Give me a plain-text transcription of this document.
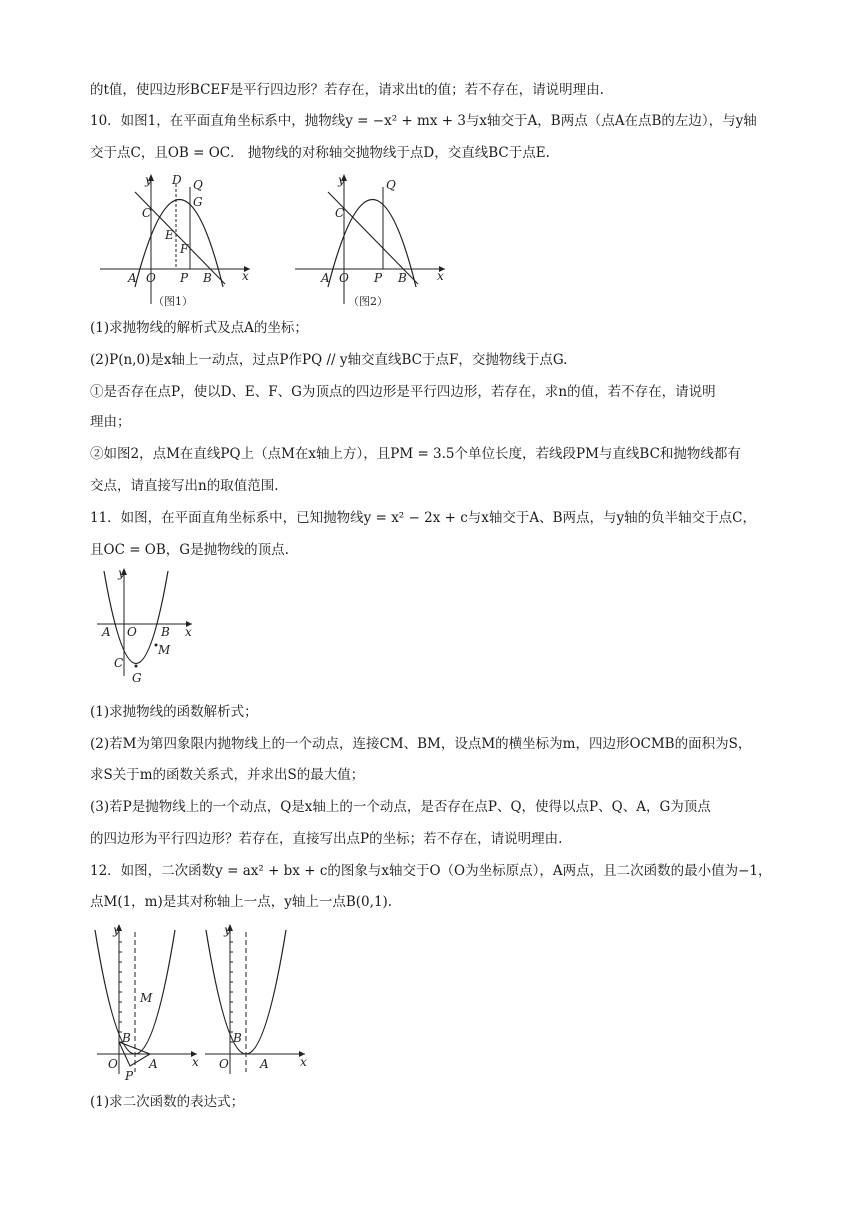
的t值，使四边形BCEF是平行四边形？若存在，请求出t的值；若不存在，请说明理由.
10．如图1，在平面直角坐标系中，抛物线y = −x² + mx + 3与x轴交于A，B两点（点A在点B的左边），与y轴
交于点C，且OB = OC． 抛物线的对称轴交抛物线于点D，交直线BC于点E.
y
x
D Q
G
C
E
F
A O P B
（图1）
y
x
Q
C
A O P B
（图2）
(1)求抛物线的解析式及点A的坐标；
(2)P(n,0)是x轴上一动点，过点P作PQ // y轴交直线BC于点F，交抛物线于点G.
①是否存在点P，使以D、E、F、G为顶点的四边形是平行四边形，若存在，求n的值，若不存在，请说明
理由；
②如图2，点M在直线PQ上（点M在x轴上方），且PM = 3.5个单位长度，若线段PM与直线BC和抛物线都有
交点，请直接写出n的取值范围.
11．如图，在平面直角坐标系中，已知抛物线y = x² − 2x + c与x轴交于A、B两点，与y轴的负半轴交于点C，
且OC = OB，G是抛物线的顶点.
y
x
A O B
C
M
G
(1)求抛物线的函数解析式；
(2)若M为第四象限内抛物线上的一个动点，连接CM、BM，设点M的横坐标为m，四边形OCMB的面积为S，
求S关于m的函数关系式，并求出S的最大值；
(3)若P是抛物线上的一个动点，Q是x轴上的一个动点，是否存在点P、Q，使得以点P、Q、A，G为顶点
的四边形为平行四边形？若存在，直接写出点P的坐标；若不存在，请说明理由.
12．如图，二次函数y = ax² + bx + c的图象与x轴交于O（O为坐标原点），A两点，且二次函数的最小值为−1，
点M(1，m)是其对称轴上一点，y轴上一点B(0,1).
y
x
M
B
O	A
P
y
x
B
O	A
(1)求二次函数的表达式；
